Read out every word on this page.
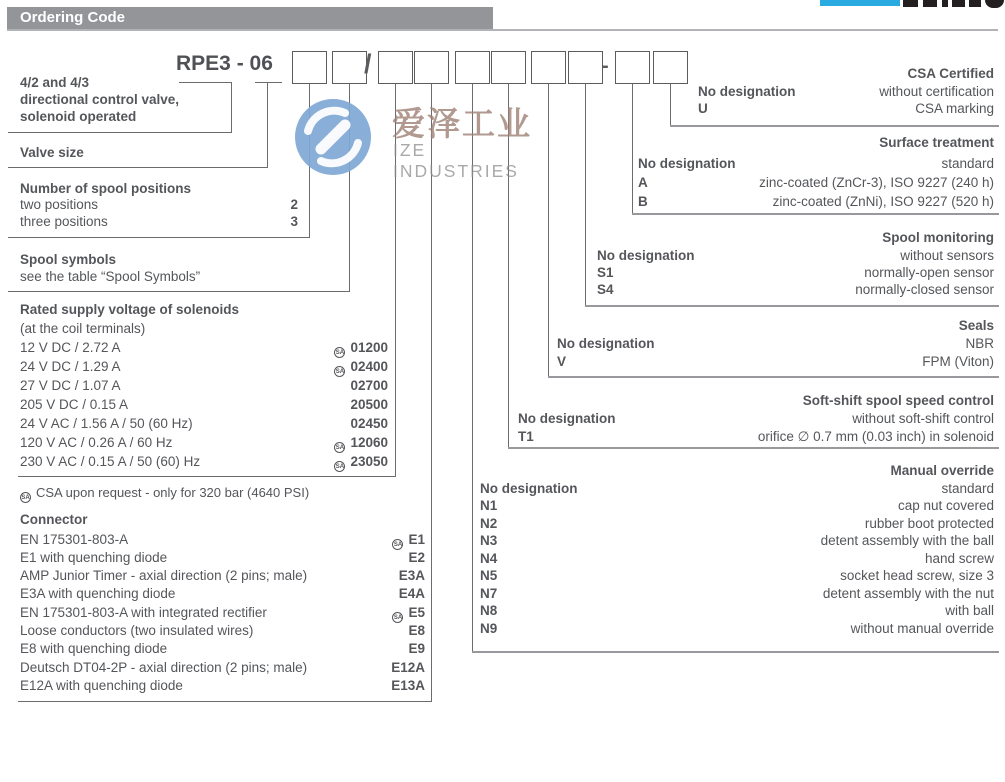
Ordering Code
RPE3 - 06	/	-
4/2 and 4/3
directional control valve,
solenoid operated
Valve size
Number of spool positions
two positions	2
three positions	3
Spool symbols
see the table “Spool Symbols”
Rated supply voltage of solenoids
(at the coil terminals)
12 V DC / 2.72 A	SA 01200
24 V DC / 1.29 A	SA 02400
27 V DC / 1.07 A	02700
205 V DC / 0.15 A	20500
24 V AC / 1.56 A / 50 (60 Hz)	02450
120 V AC / 0.26 A / 60 Hz	SA 12060
230 V AC / 0.15 A / 50 (60) Hz	SA 23050
SA CSA upon request - only for 320 bar (4640 PSI)
Connector
EN 175301-803-A	SA E1
E1 with quenching diode	E2
AMP Junior Timer - axial direction (2 pins; male)	E3A
E3A with quenching diode	E4A
EN 175301-803-A with integrated rectifier	SA E5
Loose conductors (two insulated wires)	E8
E8 with quenching diode	E9
Deutsch DT04-2P - axial direction (2 pins; male)	E12A
E12A with quenching diode	E13A
CSA Certified
No designation	without certification
U	CSA marking
Surface treatment
No designation	standard
A	zinc-coated (ZnCr-3), ISO 9227 (240 h)
B	zinc-coated (ZnNi), ISO 9227 (520 h)
Spool monitoring
No designation	without sensors
S1	normally-open sensor
S4	normally-closed sensor
Seals
No designation	NBR
V	FPM (Viton)
Soft-shift spool speed control
No designation	without soft-shift control
T1	orifice ∅ 0.7 mm (0.03 inch) in solenoid
Manual override
No designation	standard
N1	cap nut covered
N2	rubber boot protected
N3	detent assembly with the ball
N4	hand screw
N5	socket head screw, size 3
N7	detent assembly with the nut
N8	with ball
N9	without manual override
爱泽工业
IZE INDUSTRIES
